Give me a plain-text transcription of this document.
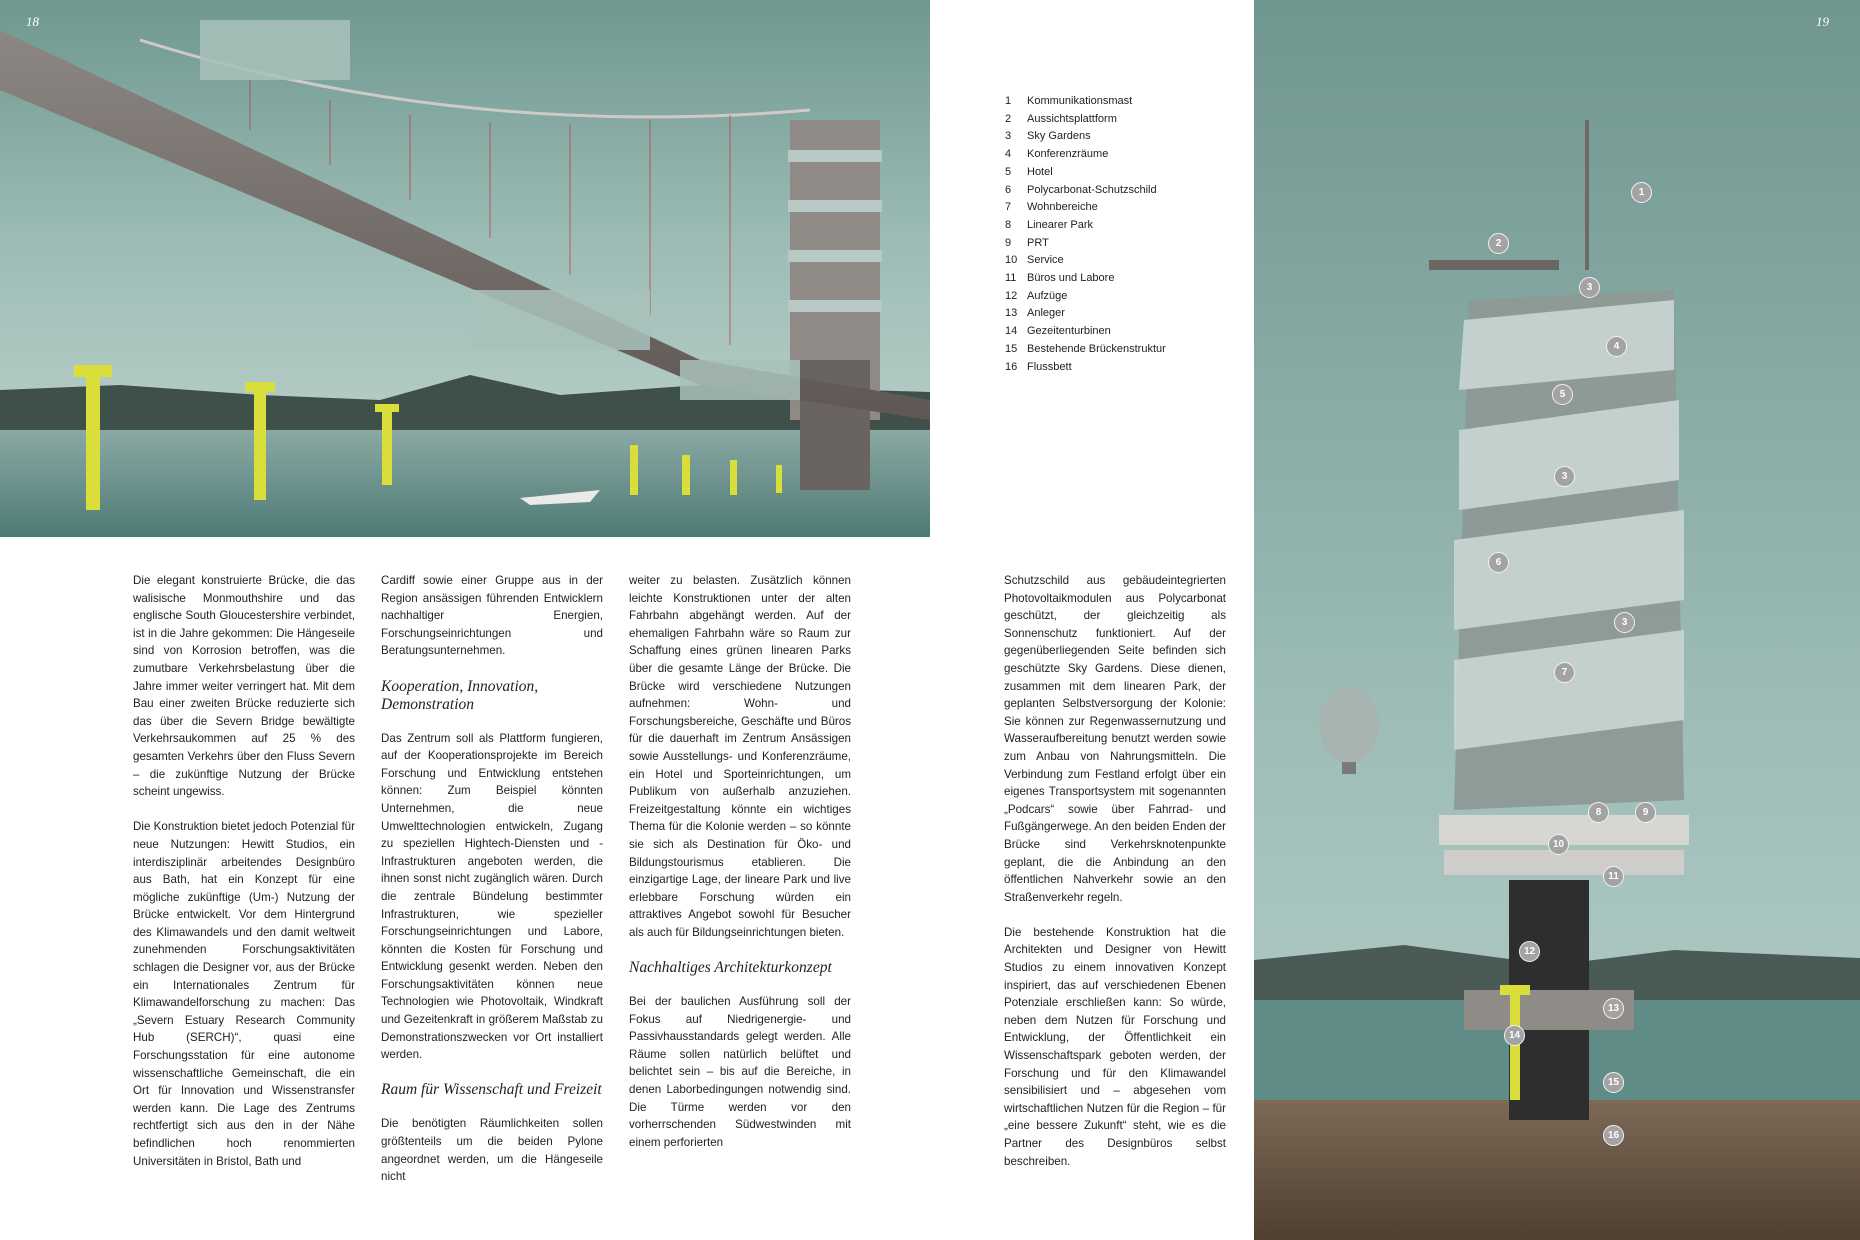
18
1
2
3
4
5
3
6
3
7
8	9
10
11
12
13
14
15
16
19
1	Kommunikationsmast
2	Aussichtsplattform
3	Sky Gardens
4	Konferenzräume
5	Hotel
6	Polycarbonat-Schutzschild
7	Wohnbereiche
8	Linearer Park
9	PRT
10 Service
11 Büros und Labore
12 Aufzüge
13 Anleger
14 Gezeitenturbinen
15 Bestehende Brückenstruktur
16 Flussbett

Die elegant konstruierte Brücke, die das walisische Monmouthshire und das englische South Gloucestershire verbindet, ist in die Jahre gekommen: Die Hängeseile sind von Korrosion betroffen, was die zumutbare Verkehrsbelastung über die Jahre immer weiter verringert hat. Mit dem Bau einer zweiten Brücke reduzierte sich das über die Severn Bridge bewältigte Verkehrsaukommen auf 25 % des gesamten Verkehrs über den Fluss Severn – die zukünftige Nutzung der Brücke scheint ungewiss.

Die Konstruktion bietet jedoch Potenzial für neue Nutzungen: Hewitt Studios, ein interdisziplinär arbeitendes Designbüro aus Bath, hat ein Konzept für eine mögliche zukünftige (Um-) Nutzung der Brücke entwickelt. Vor dem Hintergrund des Klimawandels und den damit weltweit zunehmenden Forschungsaktivitäten schlagen die Designer vor, aus der Brücke ein Internationales Zentrum für Klimawandelforschung zu machen: Das „Severn Estuary Research Community Hub (SERCH)“, quasi eine Forschungsstation für eine autonome wissenschaftliche Gemeinschaft, die ein Ort für Innovation und Wissenstransfer werden kann. Die Lage des Zentrums rechtfertigt sich aus den in der Nähe befindlichen hoch renommierten Universitäten in Bristol, Bath und

Cardiff sowie einer Gruppe aus in der Region ansässigen führenden Entwicklern nachhaltiger Energien, Forschungseinrichtungen und Beratungsunternehmen.

Kooperation, Innovation, Demonstration

Das Zentrum soll als Plattform fungieren, auf der Kooperationsprojekte im Bereich Forschung und Entwicklung entstehen können: Zum Beispiel könnten Unternehmen, die neue Umwelttechnologien entwickeln, Zugang zu speziellen Hightech-Diensten und -Infrastrukturen angeboten werden, die ihnen sonst nicht zugänglich wären. Durch die zentrale Bündelung bestimmter Infrastrukturen, wie spezieller Forschungseinrichtungen und Labore, könnten die Kosten für Forschung und Entwicklung gesenkt werden. Neben den Forschungsaktivitäten können neue Technologien wie Photovoltaik, Windkraft und Gezeitenkraft in größerem Maßstab zu Demonstrationszwecken vor Ort installiert werden.

Raum für Wissenschaft und Freizeit

Die benötigten Räumlichkeiten sollen größtenteils um die beiden Pylone angeordnet werden, um die Hängeseile nicht

weiter zu belasten. Zusätzlich können leichte Konstruktionen unter der alten Fahrbahn abgehängt werden. Auf der ehemaligen Fahrbahn wäre so Raum zur Schaffung eines grünen linearen Parks über die gesamte Länge der Brücke. Die Brücke wird verschiedene Nutzungen aufnehmen: Wohn- und Forschungsbereiche, Geschäfte und Büros für die dauerhaft im Zentrum Ansässigen sowie Ausstellungs- und Konferenzräume, ein Hotel und Sporteinrichtungen, um Publikum von außerhalb anzuziehen. Freizeitgestaltung könnte ein wichtiges Thema für die Kolonie werden – so könnte sie sich als Destination für Öko- und Bildungstourismus etablieren. Die einzigartige Lage, der lineare Park und live erlebbare Forschung würden ein attraktives Angebot sowohl für Besucher als auch für Bildungseinrichtungen bieten.

Nachhaltiges Architekturkonzept

Bei der baulichen Ausführung soll der Fokus auf Niedrigenergie- und Passivhausstandards gelegt werden. Alle Räume sollen natürlich belüftet und belichtet sein – bis auf die Bereiche, in denen Laborbedingungen notwendig sind. Die Türme werden vor den vorherrschenden Südwestwinden mit einem perforierten

Schutzschild aus gebäudeintegrierten Photovoltaikmodulen aus Polycarbonat geschützt, der gleichzeitig als Sonnenschutz funktioniert. Auf der gegenüberliegenden Seite befinden sich geschützte Sky Gardens. Diese dienen, zusammen mit dem linearen Park, der geplanten Selbstversorgung der Kolonie: Sie können zur Regenwassernutzung und Wasseraufbereitung benutzt werden sowie zum Anbau von Nahrungsmitteln. Die Verbindung zum Festland erfolgt über ein eigenes Transportsystem mit sogenannten „Podcars“ sowie über Fahrrad- und Fußgängerwege. An den beiden Enden der Brücke sind Verkehrsknotenpunkte geplant, die die Anbindung an den öffentlichen Nahverkehr sowie an den Straßenverkehr regeln.

Die bestehende Konstruktion hat die Architekten und Designer von Hewitt Studios zu einem innovativen Konzept inspiriert, das auf verschiedenen Ebenen Potenziale erschließen kann: So würde, neben dem Nutzen für Forschung und Entwicklung, der Öffentlichkeit ein Wissenschaftspark geboten werden, der Forschung und für den Klimawandel sensibilisiert und – abgesehen vom wirtschaftlichen Nutzen für die Region – für „eine bessere Zukunft“ steht, wie es die Partner des Designbüros selbst beschreiben.
